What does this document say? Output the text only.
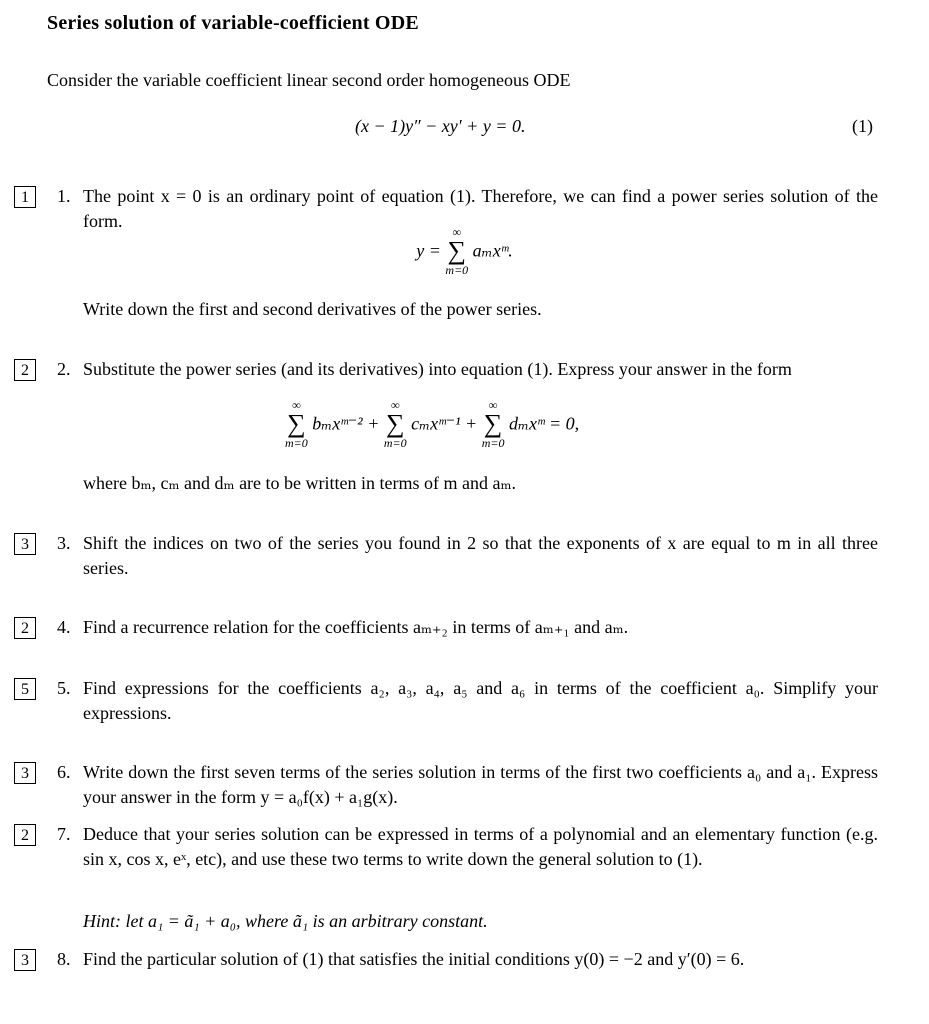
Series solution of variable-coefficient ODE
Consider the variable coefficient linear second order homogeneous ODE
(x − 1)y″ − xy′ + y = 0.	(1)
1	1. The point x = 0 is an ordinary point of equation (1). Therefore, we can find a power series solution of the form.
y =
∞
∑
m=0
aₘxᵐ.
Write down the first and second derivatives of the power series.
2	2. Substitute the power series (and its derivatives) into equation (1). Express your answer in the form
∞
∑
m=0
bₘxᵐ⁻² +
∞
∑
m=0
cₘxᵐ⁻¹ +
∞
∑
m=0
dₘxᵐ = 0,
where bₘ, cₘ and dₘ are to be written in terms of m and aₘ.
3	3. Shift the indices on two of the series you found in 2 so that the exponents of x are equal to m in all three series.
2	4. Find a recurrence relation for the coefficients aₘ₊₂ in terms of aₘ₊₁ and aₘ.
5	5. Find expressions for the coefficients a₂, a₃, a₄, a₅ and a₆ in terms of the coefficient a₀. Simplify your expressions.
3	6. Write down the first seven terms of the series solution in terms of the first two coefficients a₀ and a₁. Express your answer in the form y = a₀f(x) + a₁g(x).
2	7. Deduce that your series solution can be expressed in terms of a polynomial and an elementary function (e.g. sin x, cos x, eˣ, etc), and use these two terms to write down the general solution to (1).
Hint: let a₁ = ã₁ + a₀, where ã₁ is an arbitrary constant.
3	8. Find the particular solution of (1) that satisfies the initial conditions y(0) = −2 and y′(0) = 6.
